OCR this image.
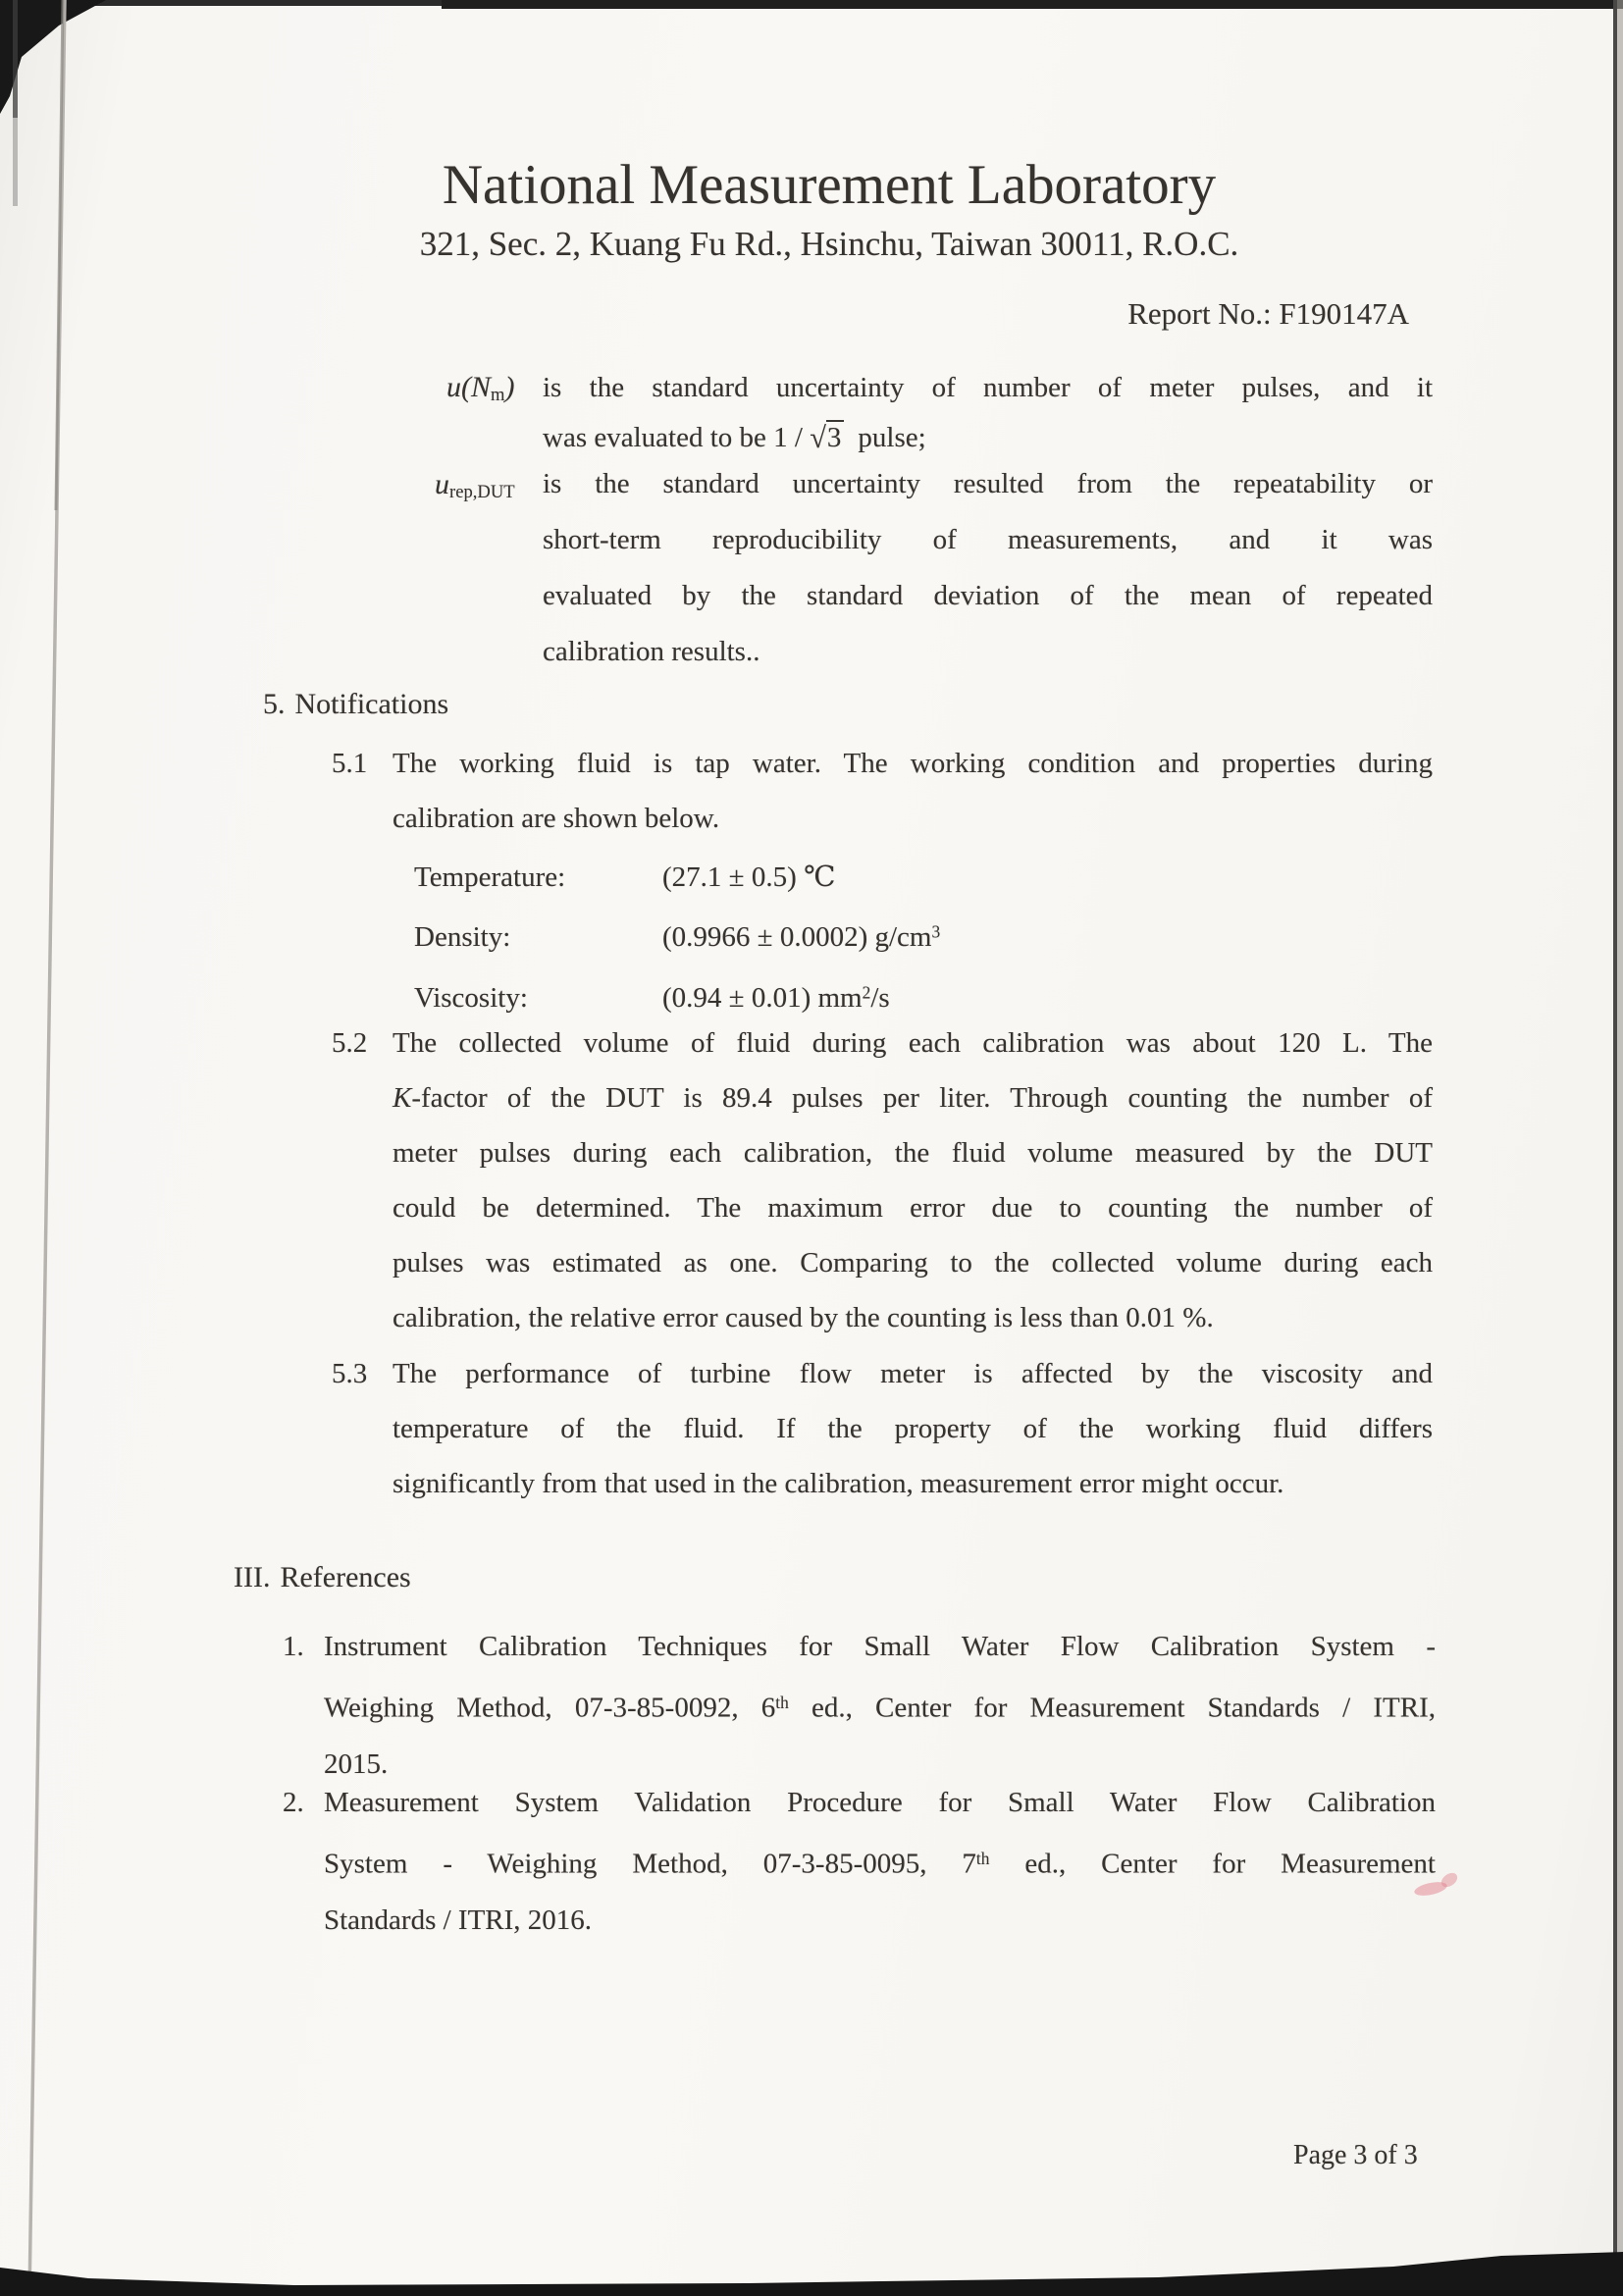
National Measurement Laboratory
321, Sec. 2, Kuang Fu Rd., Hsinchu, Taiwan 30011, R.O.C.
Report No.: F190147A
$u(N_m)$ is the standard uncertainty of number of meter pulses, and it
was evaluated to be 1 / √3 pulse;
$u_{rep,DUT}$ is the standard uncertainty resulted from the repeatability or
short-term reproducibility of measurements, and it was
evaluated by the standard deviation of the mean of repeated
calibration results..
5. Notifications
5.1 The working fluid is tap water. The working condition and properties during
calibration are shown below.
Temperature:	(27.1 ± 0.5) ℃
Density:	(0.9966 ± 0.0002) $g/cm^3$
Viscosity:	(0.94 ± 0.01) $mm^2/s$
5.2 The collected volume of fluid during each calibration was about 120 L. The
K-factor of the DUT is 89.4 pulses per liter. Through counting the number of
meter pulses during each calibration, the fluid volume measured by the DUT
could be determined. The maximum error due to counting the number of
pulses was estimated as one. Comparing to the collected volume during each
calibration, the relative error caused by the counting is less than 0.01 %.
5.3 The performance of turbine flow meter is affected by the viscosity and
temperature of the fluid. If the property of the working fluid differs
significantly from that used in the calibration, measurement error might occur.
III. References
1. Instrument Calibration Techniques for Small Water Flow Calibration System -
Weighing Method, 07-3-85-0092, 6th ed., Center for Measurement Standards / ITRI,
2015.
2. Measurement System Validation Procedure for Small Water Flow Calibration
System - Weighing Method, 07-3-85-0095, 7th ed., Center for Measurement
Standards / ITRI, 2016.
Page 3 of 3
